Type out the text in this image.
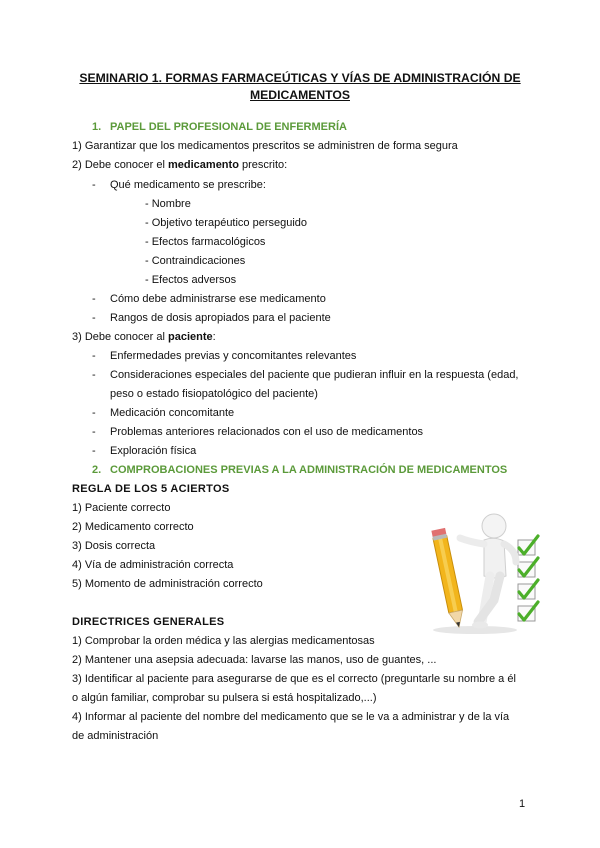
SEMINARIO 1. FORMAS FARMACEÚTICAS Y VÍAS DE ADMINISTRACIÓN DE
MEDICAMENTOS
1. PAPEL DEL PROFESIONAL DE ENFERMERÍA
1) Garantizar que los medicamentos prescritos se administren de forma segura
2) Debe conocer el medicamento prescrito:
- Qué medicamento se prescribe:
- Nombre
- Objetivo terapéutico perseguido
- Efectos farmacológicos
- Contraindicaciones
- Efectos adversos
- Cómo debe administrarse ese medicamento
- Rangos de dosis apropiados para el paciente
3) Debe conocer al paciente:
- Enfermedades previas y concomitantes relevantes
- Consideraciones especiales del paciente que pudieran influir en la respuesta (edad,
peso o estado fisiopatológico del paciente)
- Medicación concomitante
- Problemas anteriores relacionados con el uso de medicamentos
- Exploración física
2. COMPROBACIONES PREVIAS A LA ADMINISTRACIÓN DE MEDICAMENTOS
REGLA DE LOS 5 ACIERTOS
1) Paciente correcto
2) Medicamento correcto
3) Dosis correcta
4) Vía de administración correcta
5) Momento de administración correcto
DIRECTRICES GENERALES
1) Comprobar la orden médica y las alergias medicamentosas
2) Mantener una asepsia adecuada: lavarse las manos, uso de guantes, ...
3) Identificar al paciente para asegurarse de que es el correcto (preguntarle su nombre a él
o algún familiar, comprobar su pulsera si está hospitalizado,...)
4) Informar al paciente del nombre del medicamento que se le va a administrar y de la vía
de administración
1
